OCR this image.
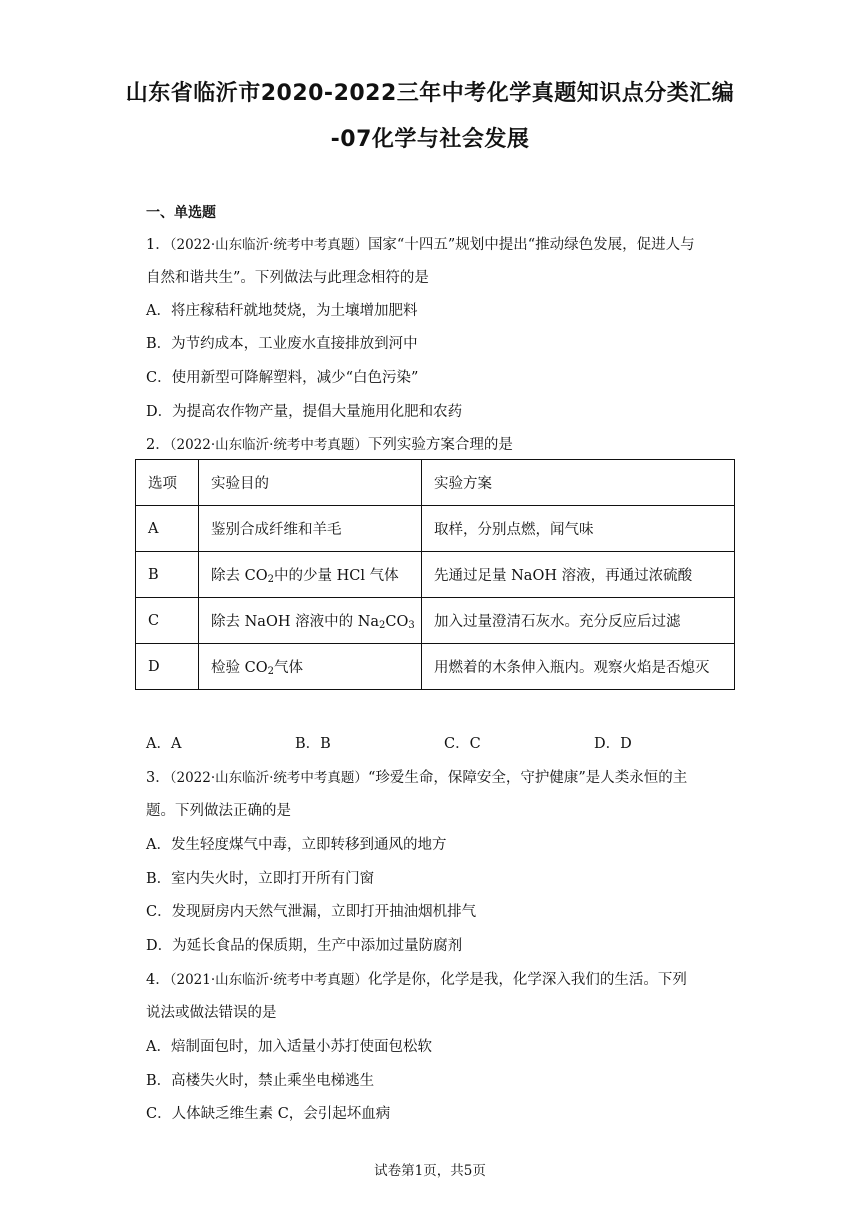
山东省临沂市2020-2022三年中考化学真题知识点分类汇编
-07化学与社会发展
一、单选题
1．（2022·山东临沂·统考中考真题）国家“十四五”规划中提出“推动绿色发展，促进人与
自然和谐共生”。下列做法与此理念相符的是
A．将庄稼秸秆就地焚烧，为土壤增加肥料
B．为节约成本，工业废水直接排放到河中
C．使用新型可降解塑料，减少“白色污染”
D．为提高农作物产量，提倡大量施用化肥和农药
2．（2022·山东临沂·统考中考真题）下列实验方案合理的是
选项	实验目的	实验方案
A	鉴别合成纤维和羊毛	取样，分别点燃，闻气味
B	除去 $CO_2$中的少量 HCl 气体	先通过足量 NaOH 溶液，再通过浓硫酸
C	除去 NaOH 溶液中的 $Na_2CO_3$	加入过量澄清石灰水。充分反应后过滤
D	检验 $CO_2$气体	用燃着的木条伸入瓶内。观察火焰是否熄灭
A．A	B．B	C．C	D．D
3．（2022·山东临沂·统考中考真题）“珍爱生命，保障安全，守护健康”是人类永恒的主
题。下列做法正确的是
A．发生轻度煤气中毒，立即转移到通风的地方
B．室内失火时，立即打开所有门窗
C．发现厨房内天然气泄漏，立即打开抽油烟机排气
D．为延长食品的保质期，生产中添加过量防腐剂
4．（2021·山东临沂·统考中考真题）化学是你，化学是我，化学深入我们的生活。下列
说法或做法错误的是
A．焙制面包时，加入适量小苏打使面包松软
B．高楼失火时，禁止乘坐电梯逃生
C．人体缺乏维生素 C，会引起坏血病
试卷第1页，共5页
